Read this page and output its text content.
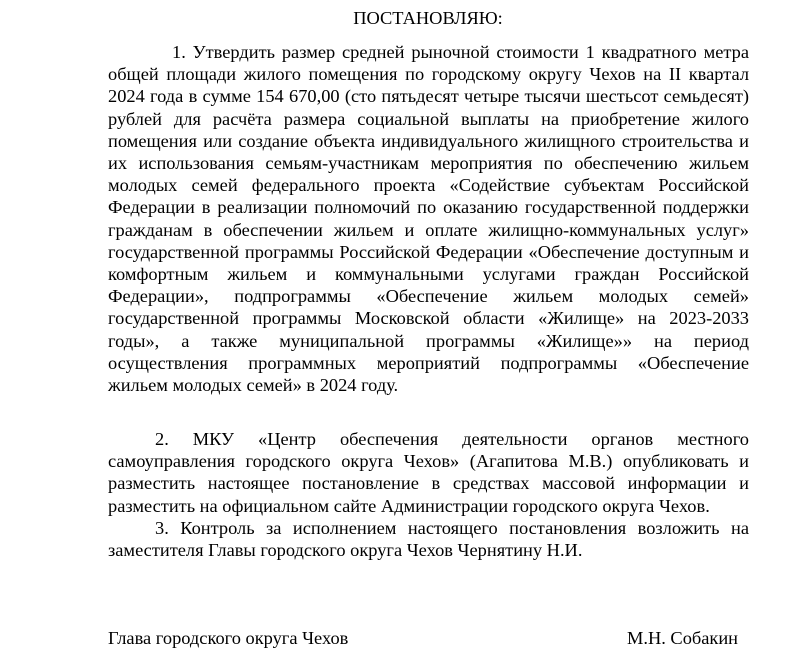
ПОСТАНОВЛЯЮ:

1. Утвердить размер средней рыночной стоимости 1 квадратного метра общей площади жилого помещения по городскому округу Чехов на II квартал 2024 года в сумме 154 670,00 (сто пятьдесят четыре тысячи шестьсот семьдесят) рублей для расчёта размера социальной выплаты на приобретение жилого помещения или создание объекта индивидуального жилищного строительства и их использования семьям-участникам мероприятия по обеспечению жильем молодых семей федерального проекта «Содействие субъектам Российской Федерации в реализации полномочий по оказанию государственной поддержки гражданам в обеспечении жильем и оплате жилищно-коммунальных услуг» государственной программы Российской Федерации «Обеспечение доступным и комфортным жильем и коммунальными услугами граждан Российской Федерации», подпрограммы «Обеспечение жильем молодых семей» государственной программы Московской области «Жилище» на 2023-2033 годы», а также муниципальной программы «Жилище»» на период осуществления программных мероприятий подпрограммы «Обеспечение жильем молодых семей» в 2024 году.

2. МКУ «Центр обеспечения деятельности органов местного самоуправления городского округа Чехов» (Агапитова М.В.) опубликовать и разместить настоящее постановление в средствах массовой информации и разместить на официальном сайте Администрации городского округа Чехов.

3. Контроль за исполнением настоящего постановления возложить на заместителя Главы городского округа Чехов Чернятину Н.И.

Глава городского округа Чехов	М.Н. Собакин
